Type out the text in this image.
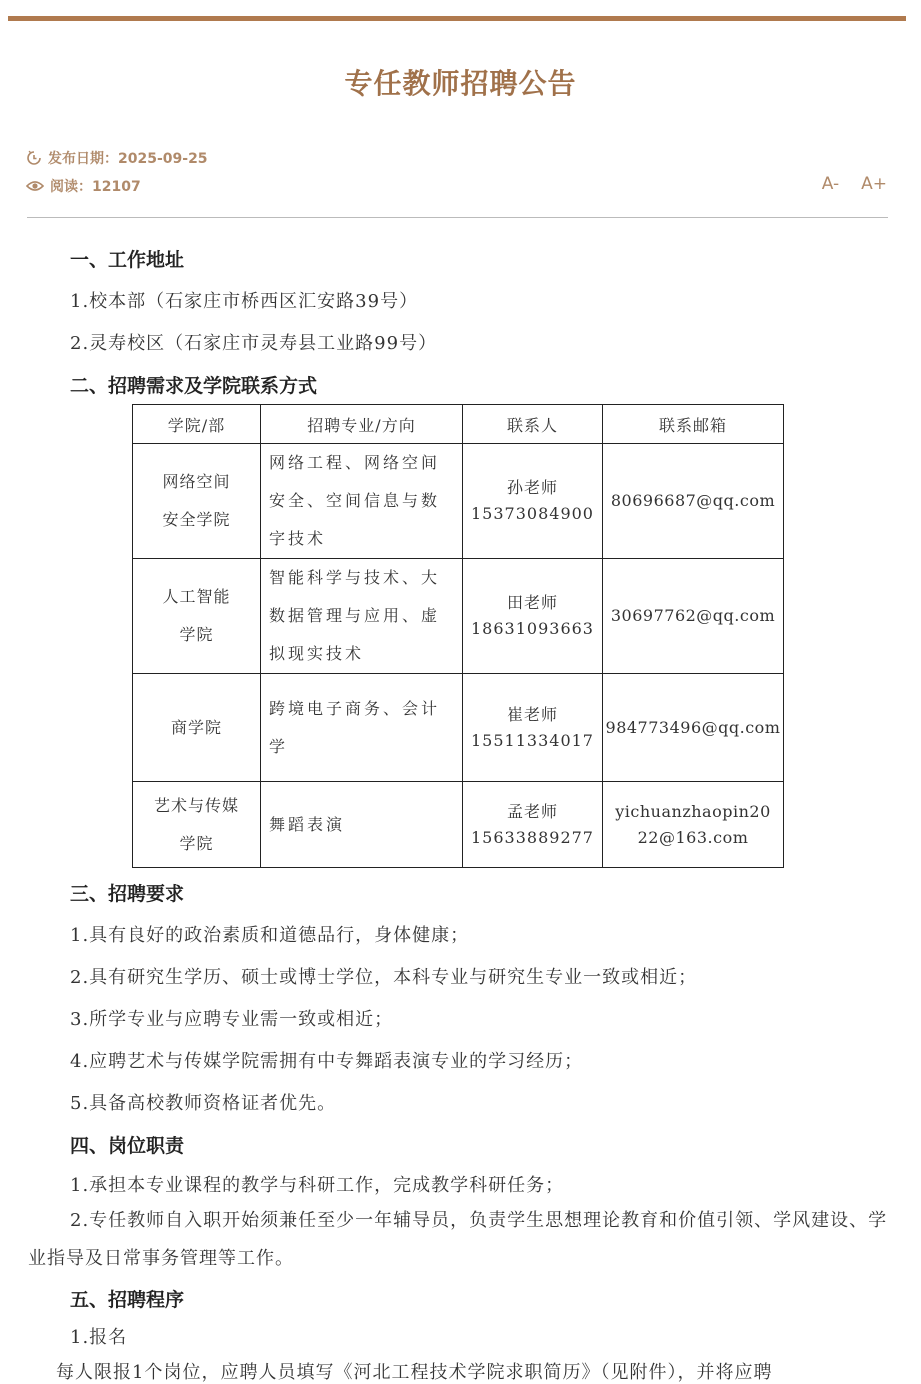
专任教师招聘公告
发布日期：2025-09-25
阅读：12107	A- A+
一、工作地址
1.校本部（石家庄市桥西区汇安路39号）
2.灵寿校区（石家庄市灵寿县工业路99号）
二、招聘需求及学院联系方式
学院/部	招聘专业/方向	联系人	联系邮箱

网络空间安全学院	网络工程、网络空间安全、空间信息与数字技术	孙老师
15373084900	80696687@qq.com

人工智能学院	智能科学与技术、大数据管理与应用、虚拟现实技术	田老师
18631093663	30697762@qq.com

商学院	跨境电子商务、会计学	崔老师
15511334017	984773496@qq.com

艺术与传媒学院	舞蹈表演	孟老师
15633889277	yichuanzhaopin2022@163.com
三、招聘要求
1.具有良好的政治素质和道德品行，身体健康；
2.具有研究生学历、硕士或博士学位，本科专业与研究生专业一致或相近；
3.所学专业与应聘专业需一致或相近；
4.应聘艺术与传媒学院需拥有中专舞蹈表演专业的学习经历；
5.具备高校教师资格证者优先。
四、岗位职责
1.承担本专业课程的教学与科研工作，完成教学科研任务；
2.专任教师自入职开始须兼任至少一年辅导员，负责学生思想理论教育和价值引领、学风建设、学业指导及日常事务管理等工作。
五、招聘程序
1.报名
每人限报1个岗位，应聘人员填写《河北工程技术学院求职简历》（见附件），并将应聘
